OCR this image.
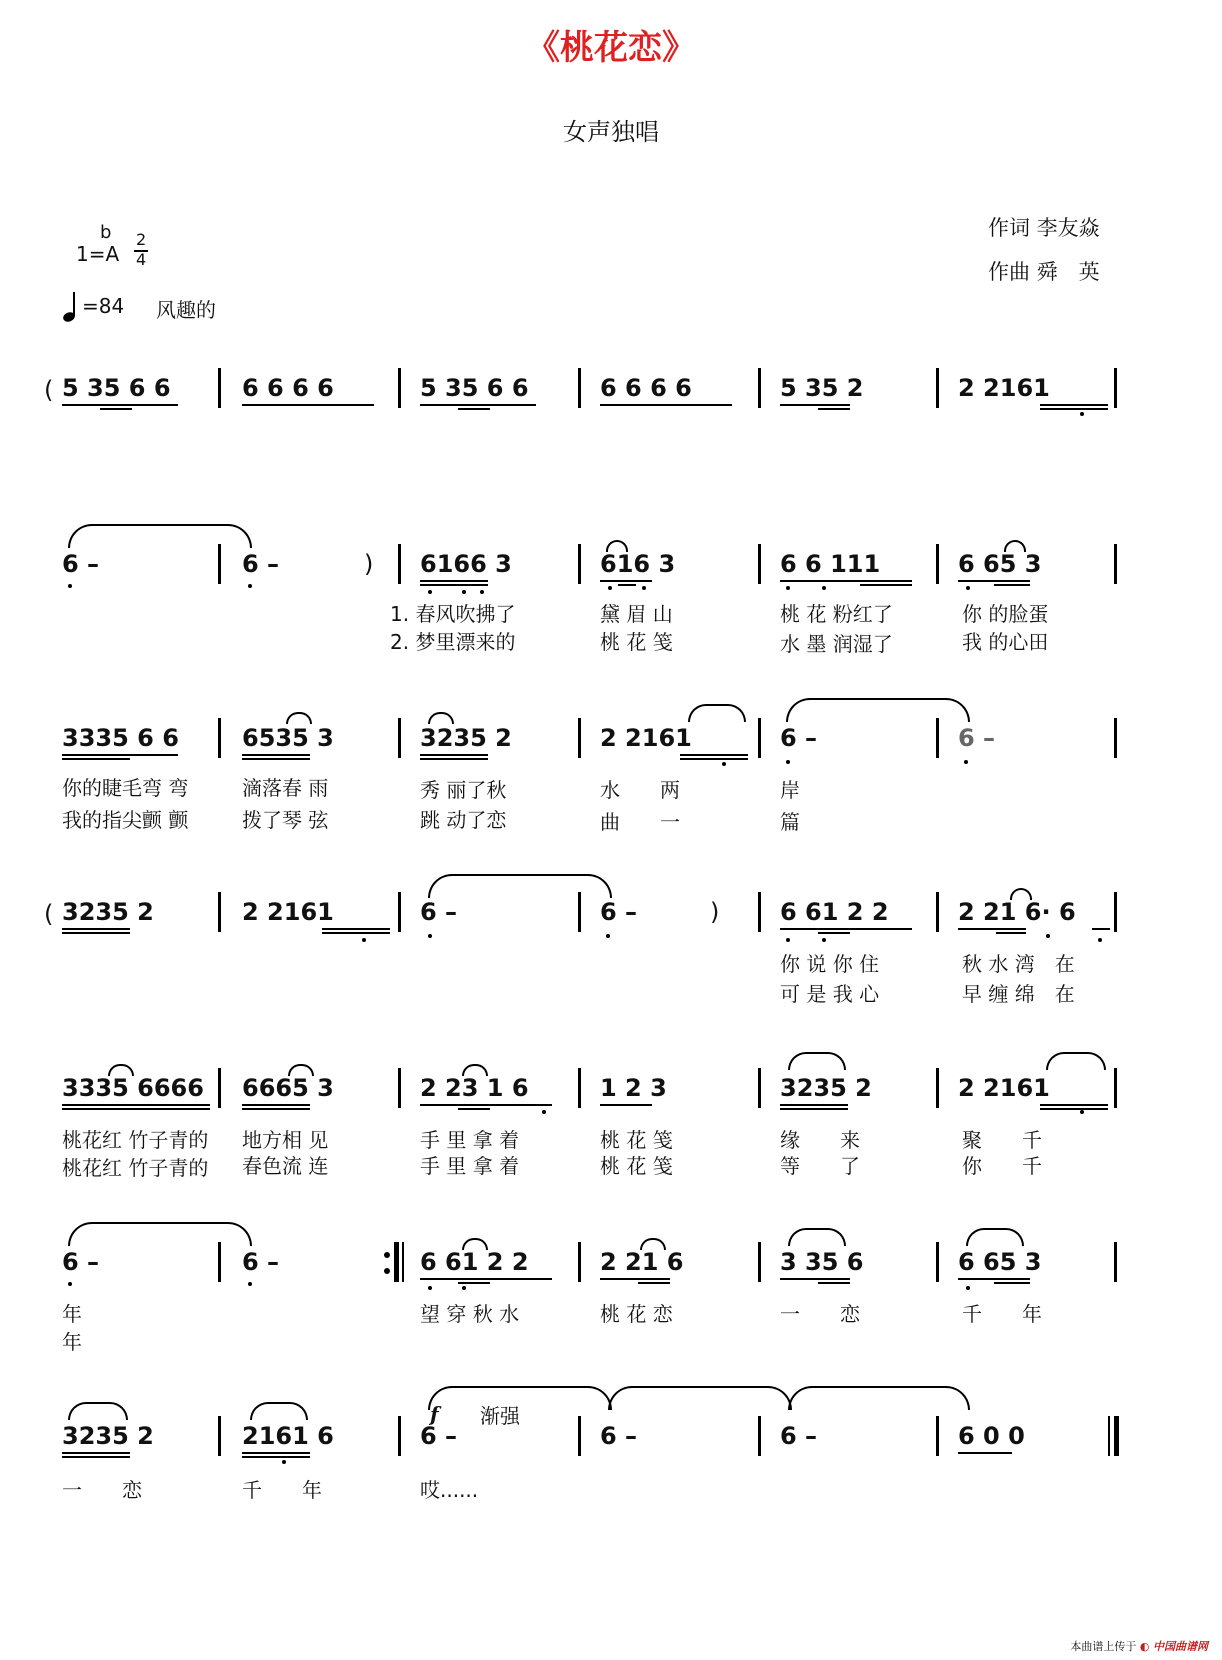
《桃花恋》
女声独唱
作词 李友焱
作曲 舜　英
b
1=A
2
4
=84 风趣的
( 5 35 6 6	6 6 6 6	5 35 6 6	6 6 6 6	5 35 2	2 2161
6 –	6 –	) 6166 3	616 3	6 6 111	6 65 3
1. 春风吹拂了	黛 眉 山	桃 花 粉红了	你 的脸蛋
2. 梦里漂来的	桃 花 笺	水 墨 润湿了	我 的心田
3335 6 6	6535 3	3235 2	2 2161	6 –	6 –
你的睫毛弯 弯	滴落春 雨	秀 丽了秋	水　　两	岸
我的指尖颤 颤	拨了琴 弦	跳 动了恋	曲　　一	篇
( 3235 2	2 2161	6 –	6 –	)	6 61 2 2	2 21 6· 6
你 说 你 住	秋 水 湾　在
可 是 我 心	早 缠 绵　在
3335 6666 6665 3	2 23 1 6	1 2 3	3235 2	2 2161
桃花红 竹子青的 地方相 见	手 里 拿 着	桃 花 笺	缘　　来	聚　　千
桃花红 竹子青的 春色流 连	手 里 拿 着	桃 花 笺	等　　了	你　　千
6 –	6 –	6 61 2 2	2 21 6	3 35 6	6 65 3
年	望 穿 秋 水	桃 花 恋	一　　恋	千　　年
年
f 渐强
3235 2	2161 6	6 –	6 –	6 –	6 0 0
一　　恋	千　　年	哎......
本曲谱上传于 ◐ 中国曲谱网
